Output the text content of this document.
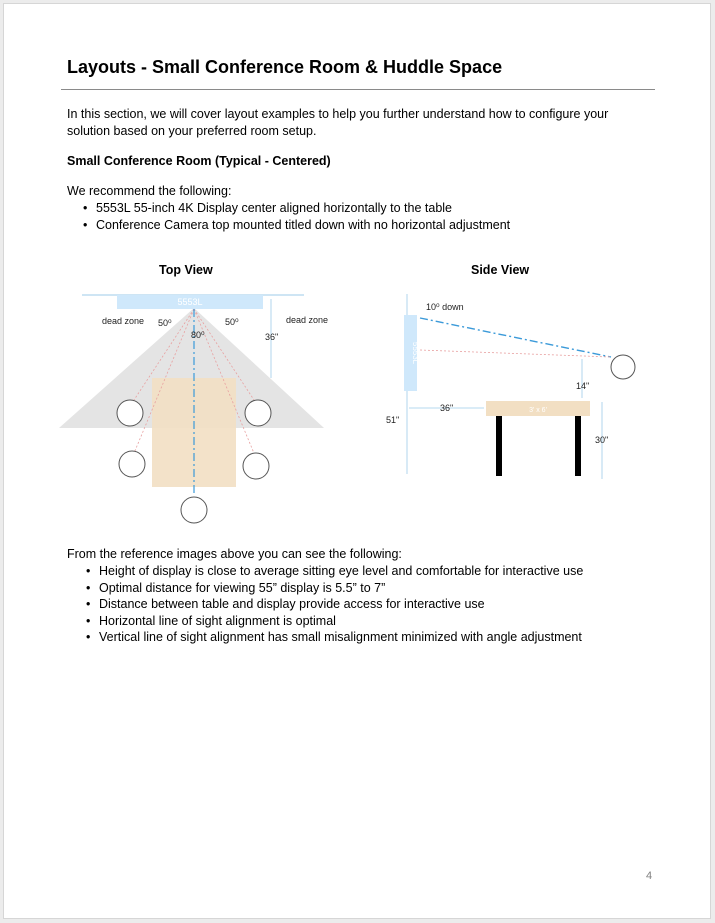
Layouts - Small Conference Room & Huddle Space
In this section, we will cover layout examples to help you further understand how to configure your solution based on your preferred room setup.
Small Conference Room (Typical - Centered)
We recommend the following:
• 5553L 55-inch 4K Display center aligned horizontally to the table
• Conference Camera top mounted titled down with no horizontal adjustment
Top View	Side View
5553L
dead zone	dead zone
50⁰	50⁰
80⁰	36"
5553L
3' x 6'
10⁰ down
51"
14"
36"
30"
From the reference images above you can see the following:
• Height of display is close to average sitting eye level and comfortable for interactive use
• Optimal distance for viewing 55” display is 5.5” to 7”
• Distance between table and display provide access for interactive use
• Horizontal line of sight alignment is optimal
• Vertical line of sight alignment has small misalignment minimized with angle adjustment
4
